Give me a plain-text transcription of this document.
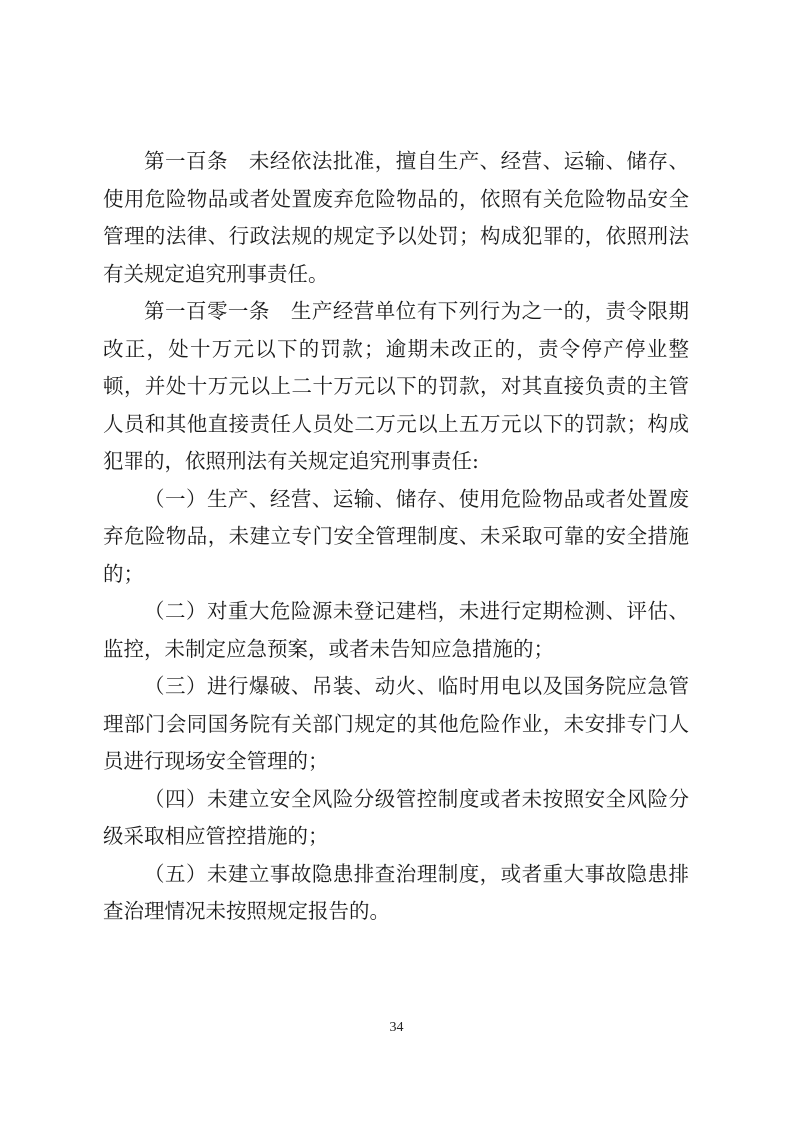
第一百条　未经依法批准，擅自生产、经营、运输、储存、使用危险物品或者处置废弃危险物品的，依照有关危险物品安全管理的法律、行政法规的规定予以处罚；构成犯罪的，依照刑法有关规定追究刑事责任。

第一百零一条　生产经营单位有下列行为之一的，责令限期改正，处十万元以下的罚款；逾期未改正的，责令停产停业整顿，并处十万元以上二十万元以下的罚款，对其直接负责的主管人员和其他直接责任人员处二万元以上五万元以下的罚款；构成犯罪的，依照刑法有关规定追究刑事责任:

（一）生产、经营、运输、储存、使用危险物品或者处置废弃危险物品，未建立专门安全管理制度、未采取可靠的安全措施的；

（二）对重大危险源未登记建档，未进行定期检测、评估、监控，未制定应急预案，或者未告知应急措施的；

（三）进行爆破、吊装、动火、临时用电以及国务院应急管理部门会同国务院有关部门规定的其他危险作业，未安排专门人员进行现场安全管理的；

（四）未建立安全风险分级管控制度或者未按照安全风险分级采取相应管控措施的；

（五）未建立事故隐患排查治理制度，或者重大事故隐患排查治理情况未按照规定报告的。

34
